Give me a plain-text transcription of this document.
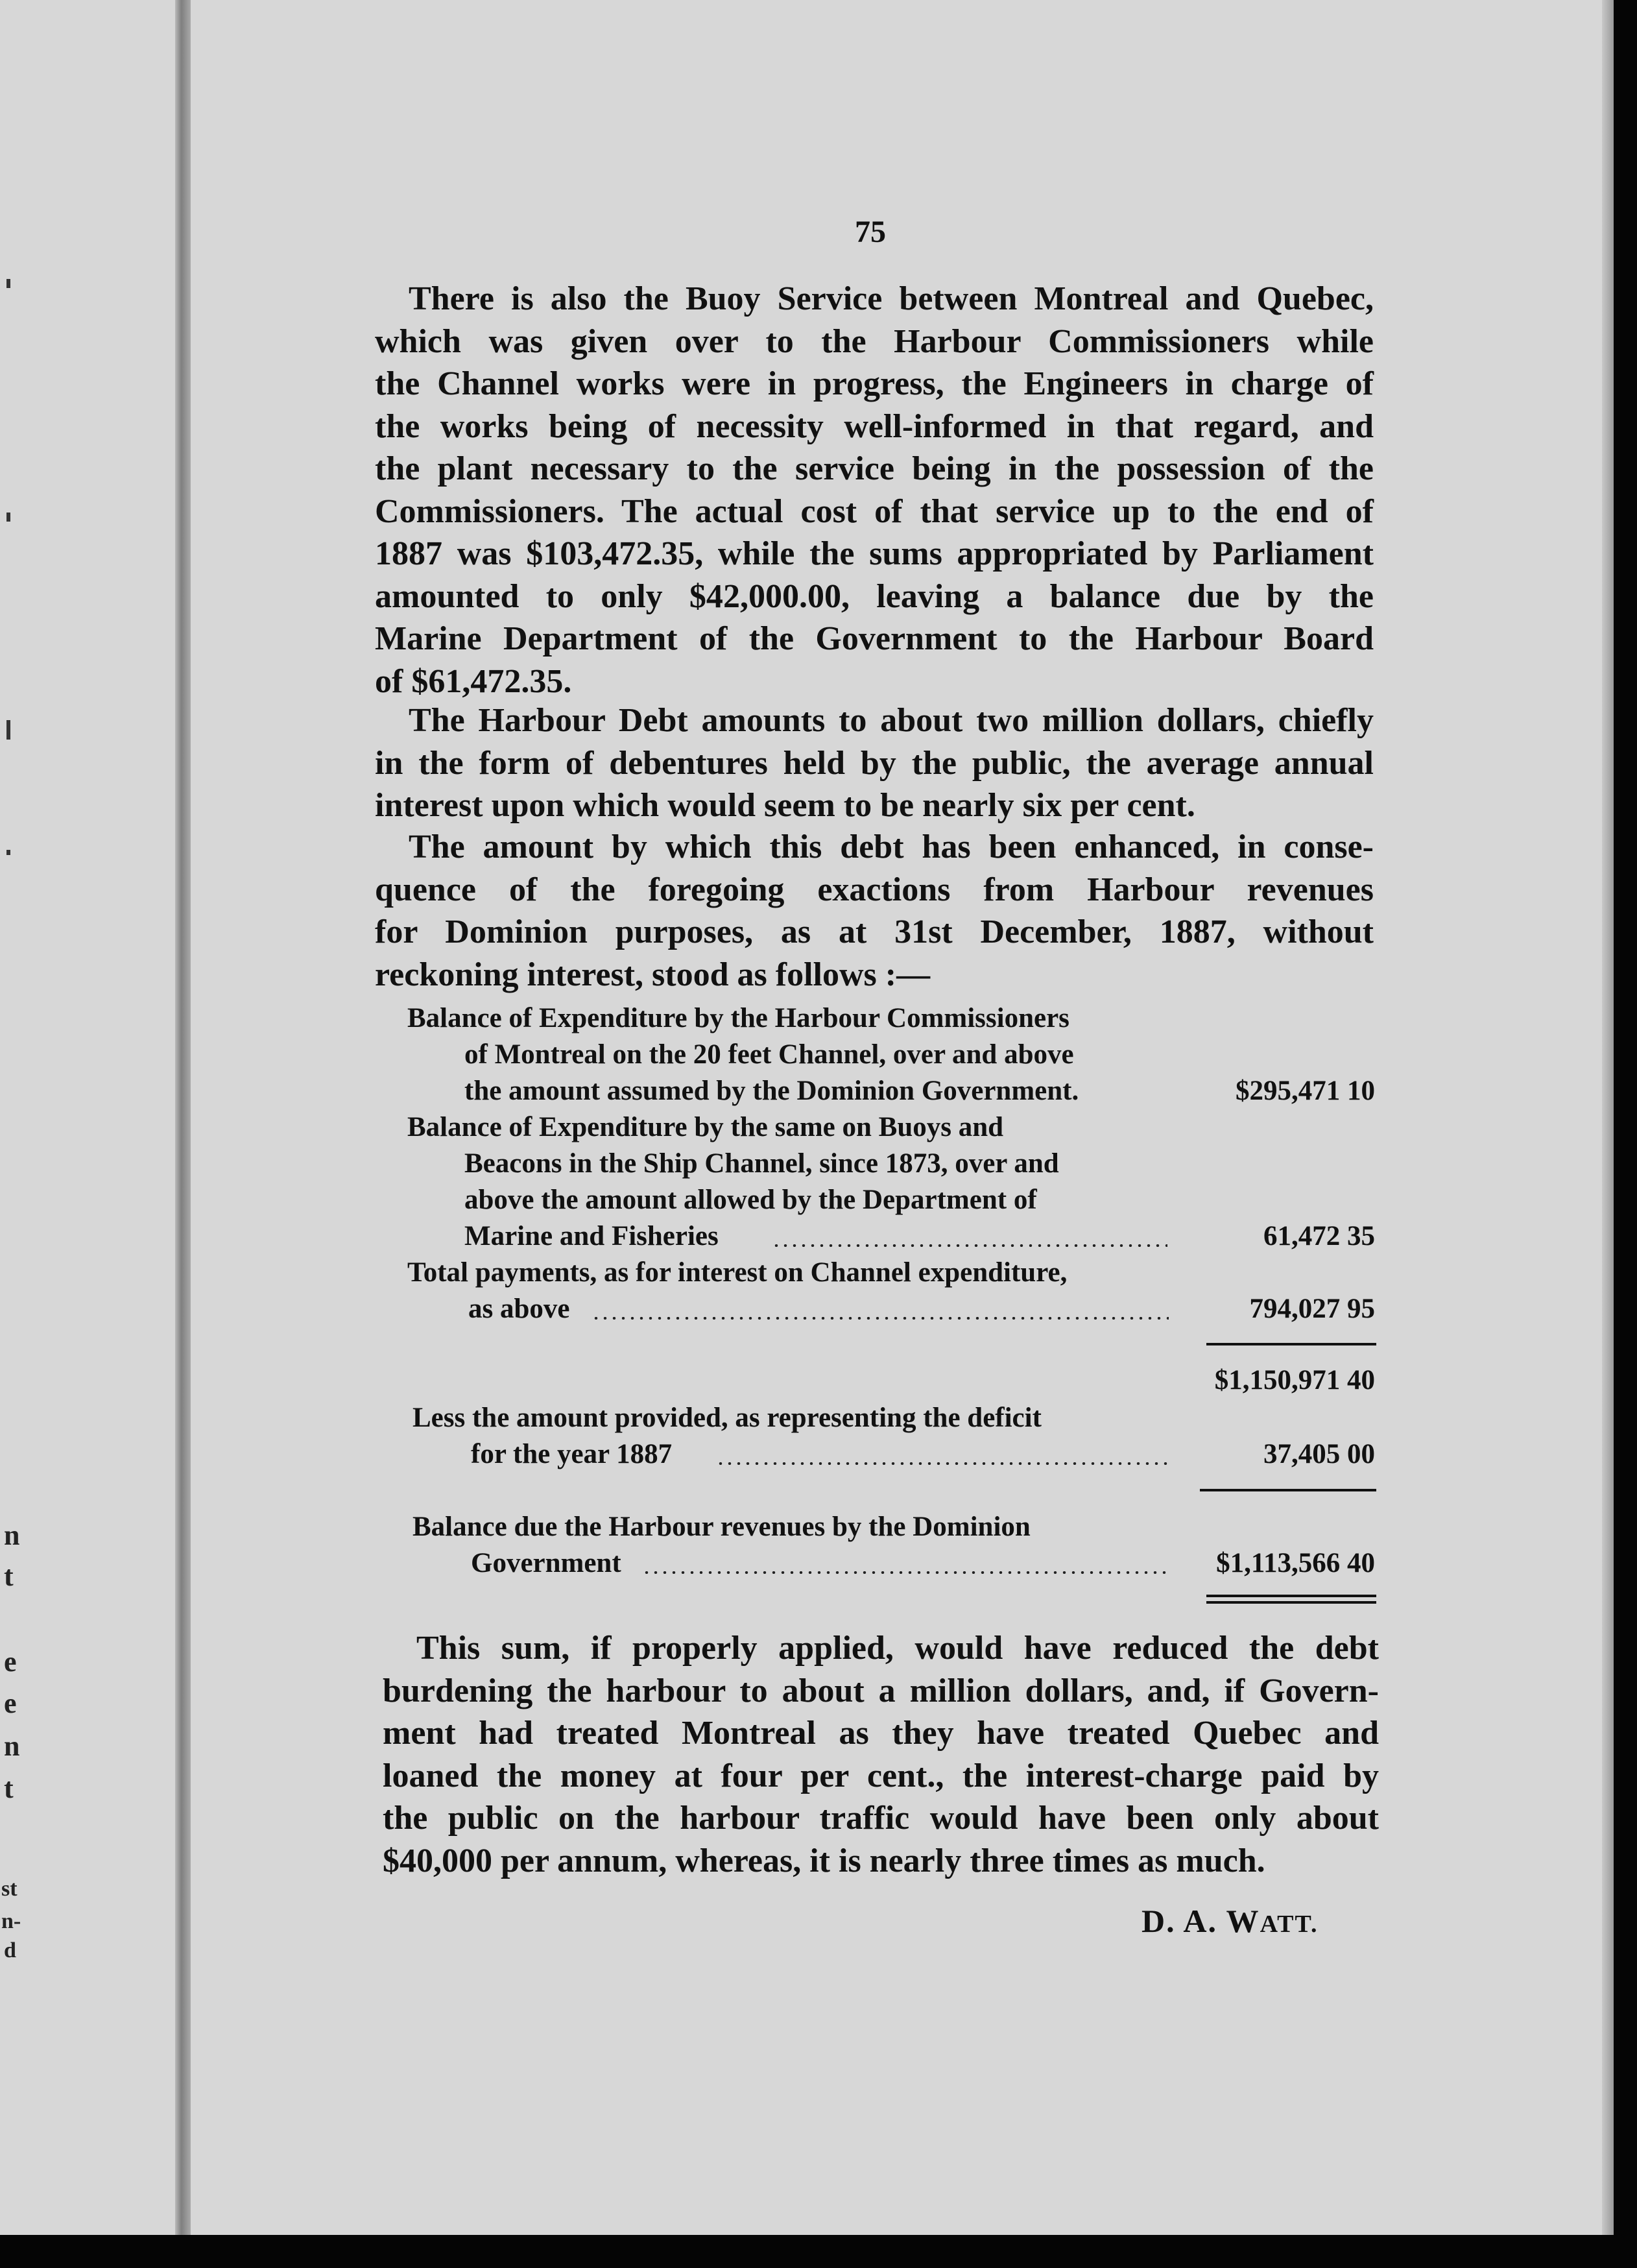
n
t
e
e
n
t
st
n-
d
75
There is also the Buoy Service between Montreal and Quebec,
which was given over to the Harbour Commissioners while
the Channel works were in progress, the Engineers in charge of
the works being of necessity well-informed in that regard, and
the plant necessary to the service being in the possession of the
Commissioners. The actual cost of that service up to the end of
1887 was $103,472.35, while the sums appropriated by Parliament
amounted to only $42,000.00, leaving a balance due by the
Marine Department of the Government to the Harbour Board
of $61,472.35.
The Harbour Debt amounts to about two million dollars, chiefly
in the form of debentures held by the public, the average annual
interest upon which would seem to be nearly six per cent.
The amount by which this debt has been enhanced, in conse-
quence of the foregoing exactions from Harbour revenues
for Dominion purposes, as at 31st December, 1887, without
reckoning interest, stood as follows :—
Balance of Expenditure by the Harbour Commissioners
of Montreal on the 20 feet Channel, over and above
the amount assumed by the Dominion Government.	$295,471 10
Balance of Expenditure by the same on Buoys and
Beacons in the Ship Channel, since 1873, over and
above the amount allowed by the Department of
Marine and Fisheries	61,472 35
Total payments, as for interest on Channel expenditure,
as above	794,027 95
$1,150,971 40
Less the amount provided, as representing the deficit
for the year 1887	37,405 00
Balance due the Harbour revenues by the Dominion
Government	$1,113,566 40
This sum, if properly applied, would have reduced the debt
burdening the harbour to about a million dollars, and, if Govern-
ment had treated Montreal as they have treated Quebec and
loaned the money at four per cent., the interest-charge paid by
the public on the harbour traffic would have been only about
$40,000 per annum, whereas, it is nearly three times as much.
D. A. WATT.
